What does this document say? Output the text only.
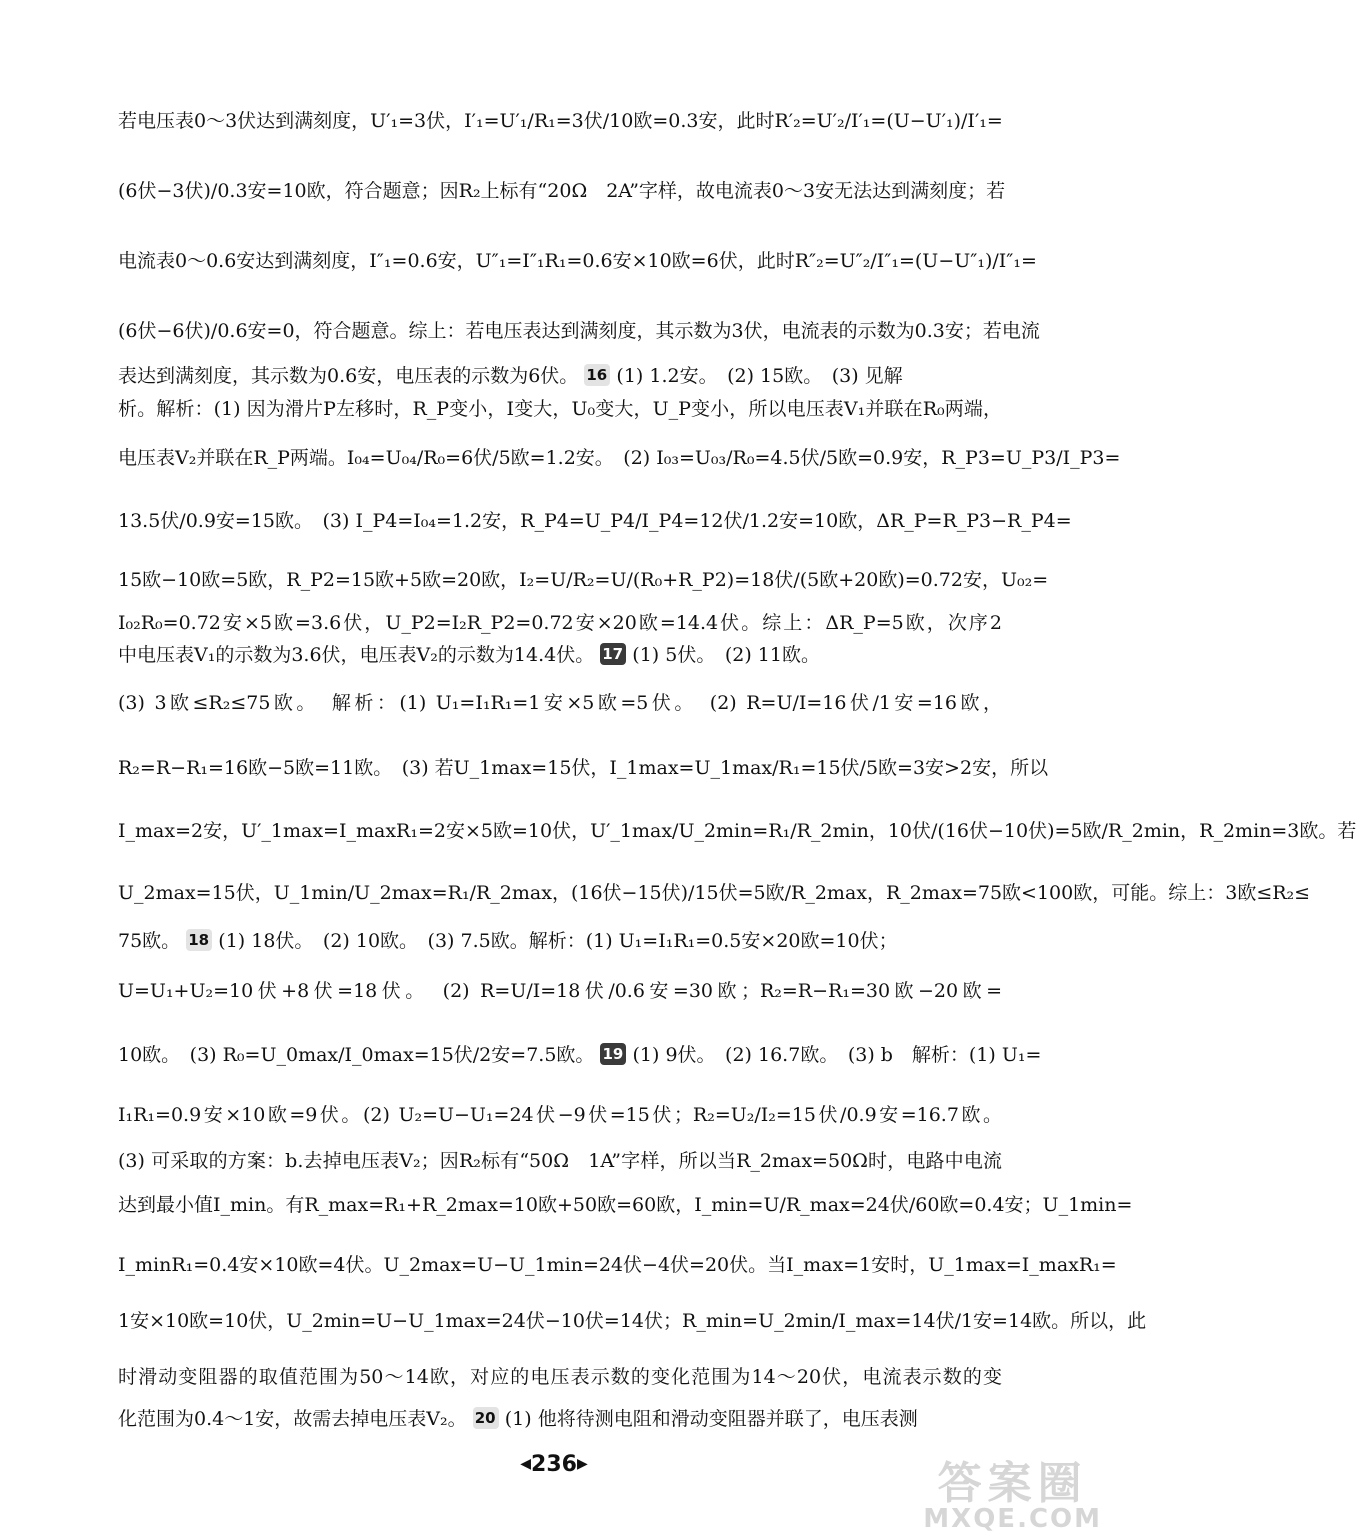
若电压表0～3伏达到满刻度，U′₁=3伏，I′₁=U′₁/R₁=3伏/10欧=0.3安，此时R′₂=U′₂/I′₁=(U−U′₁)/I′₁=
(6伏−3伏)/0.3安=10欧，符合题意；因R₂上标有“20Ω　2A”字样，故电流表0～3安无法达到满刻度；若
电流表0～0.6安达到满刻度，I″₁=0.6安，U″₁=I″₁R₁=0.6安×10欧=6伏，此时R″₂=U″₂/I″₁=(U−U″₁)/I″₁=
(6伏−6伏)/0.6安=0，符合题意。综上：若电压表达到满刻度，其示数为3伏，电流表的示数为0.3安；若电流
表达到满刻度，其示数为0.6安，电压表的示数为6伏。 16 (1) 1.2安。　(2) 15欧。　(3) 见解
析。解析：(1) 因为滑片P左移时，R_P变小，I变大，U₀变大，U_P变小，所以电压表V₁并联在R₀两端，
电压表V₂并联在R_P两端。I₀₄=U₀₄/R₀=6伏/5欧=1.2安。　(2) I₀₃=U₀₃/R₀=4.5伏/5欧=0.9安，R_P3=U_P3/I_P3=
13.5伏/0.9安=15欧。　(3) I_P4=I₀₄=1.2安，R_P4=U_P4/I_P4=12伏/1.2安=10欧，ΔR_P=R_P3−R_P4=
15欧−10欧=5欧，R_P2=15欧+5欧=20欧，I₂=U/R₂=U/(R₀+R_P2)=18伏/(5欧+20欧)=0.72安，U₀₂=
I₀₂R₀=0.72安×5欧=3.6伏，U_P2=I₂R_P2=0.72安×20欧=14.4伏。综上：ΔR_P=5欧，次序2
中电压表V₁的示数为3.6伏，电压表V₂的示数为14.4伏。 17 (1) 5伏。　(2) 11欧。
(3) 3欧≤R₂≤75欧。　解析：(1) U₁=I₁R₁=1安×5欧=5伏。　(2) R=U/I=16伏/1安=16欧，
R₂=R−R₁=16欧−5欧=11欧。　(3) 若U_1max=15伏，I_1max=U_1max/R₁=15伏/5欧=3安>2安，所以
I_max=2安，U′_1max=I_maxR₁=2安×5欧=10伏，U′_1max/U_2min=R₁/R_2min，10伏/(16伏−10伏)=5欧/R_2min，R_2min=3欧。若
U_2max=15伏，U_1min/U_2max=R₁/R_2max，(16伏−15伏)/15伏=5欧/R_2max，R_2max=75欧<100欧，可能。综上：3欧≤R₂≤
75欧。 18 (1) 18伏。　(2) 10欧。　(3) 7.5欧。解析：(1) U₁=I₁R₁=0.5安×20欧=10伏；
U=U₁+U₂=10伏+8伏=18伏。　(2) R=U/I=18伏/0.6安=30欧；R₂=R−R₁=30欧−20欧=
10欧。　(3) R₀=U_0max/I_0max=15伏/2安=7.5欧。 19 (1) 9伏。　(2) 16.7欧。　(3) b　解析：(1) U₁=
I₁R₁=0.9安×10欧=9伏。(2) U₂=U−U₁=24伏−9伏=15伏；R₂=U₂/I₂=15伏/0.9安=16.7欧。
(3) 可采取的方案：b.去掉电压表V₂；因R₂标有“50Ω　1A”字样，所以当R_2max=50Ω时，电路中电流
达到最小值I_min。有R_max=R₁+R_2max=10欧+50欧=60欧，I_min=U/R_max=24伏/60欧=0.4安；U_1min=
I_minR₁=0.4安×10欧=4伏。U_2max=U−U_1min=24伏−4伏=20伏。当I_max=1安时，U_1max=I_maxR₁=
1安×10欧=10伏，U_2min=U−U_1max=24伏−10伏=14伏；R_min=U_2min/I_max=14伏/1安=14欧。所以，此
时滑动变阻器的取值范围为50～14欧，对应的电压表示数的变化范围为14～20伏，电流表示数的变
化范围为0.4～1安，故需去掉电压表V₂。 20 (1) 他将待测电阻和滑动变阻器并联了，电压表测
◀236▶	答案圈
MXQE.COM
